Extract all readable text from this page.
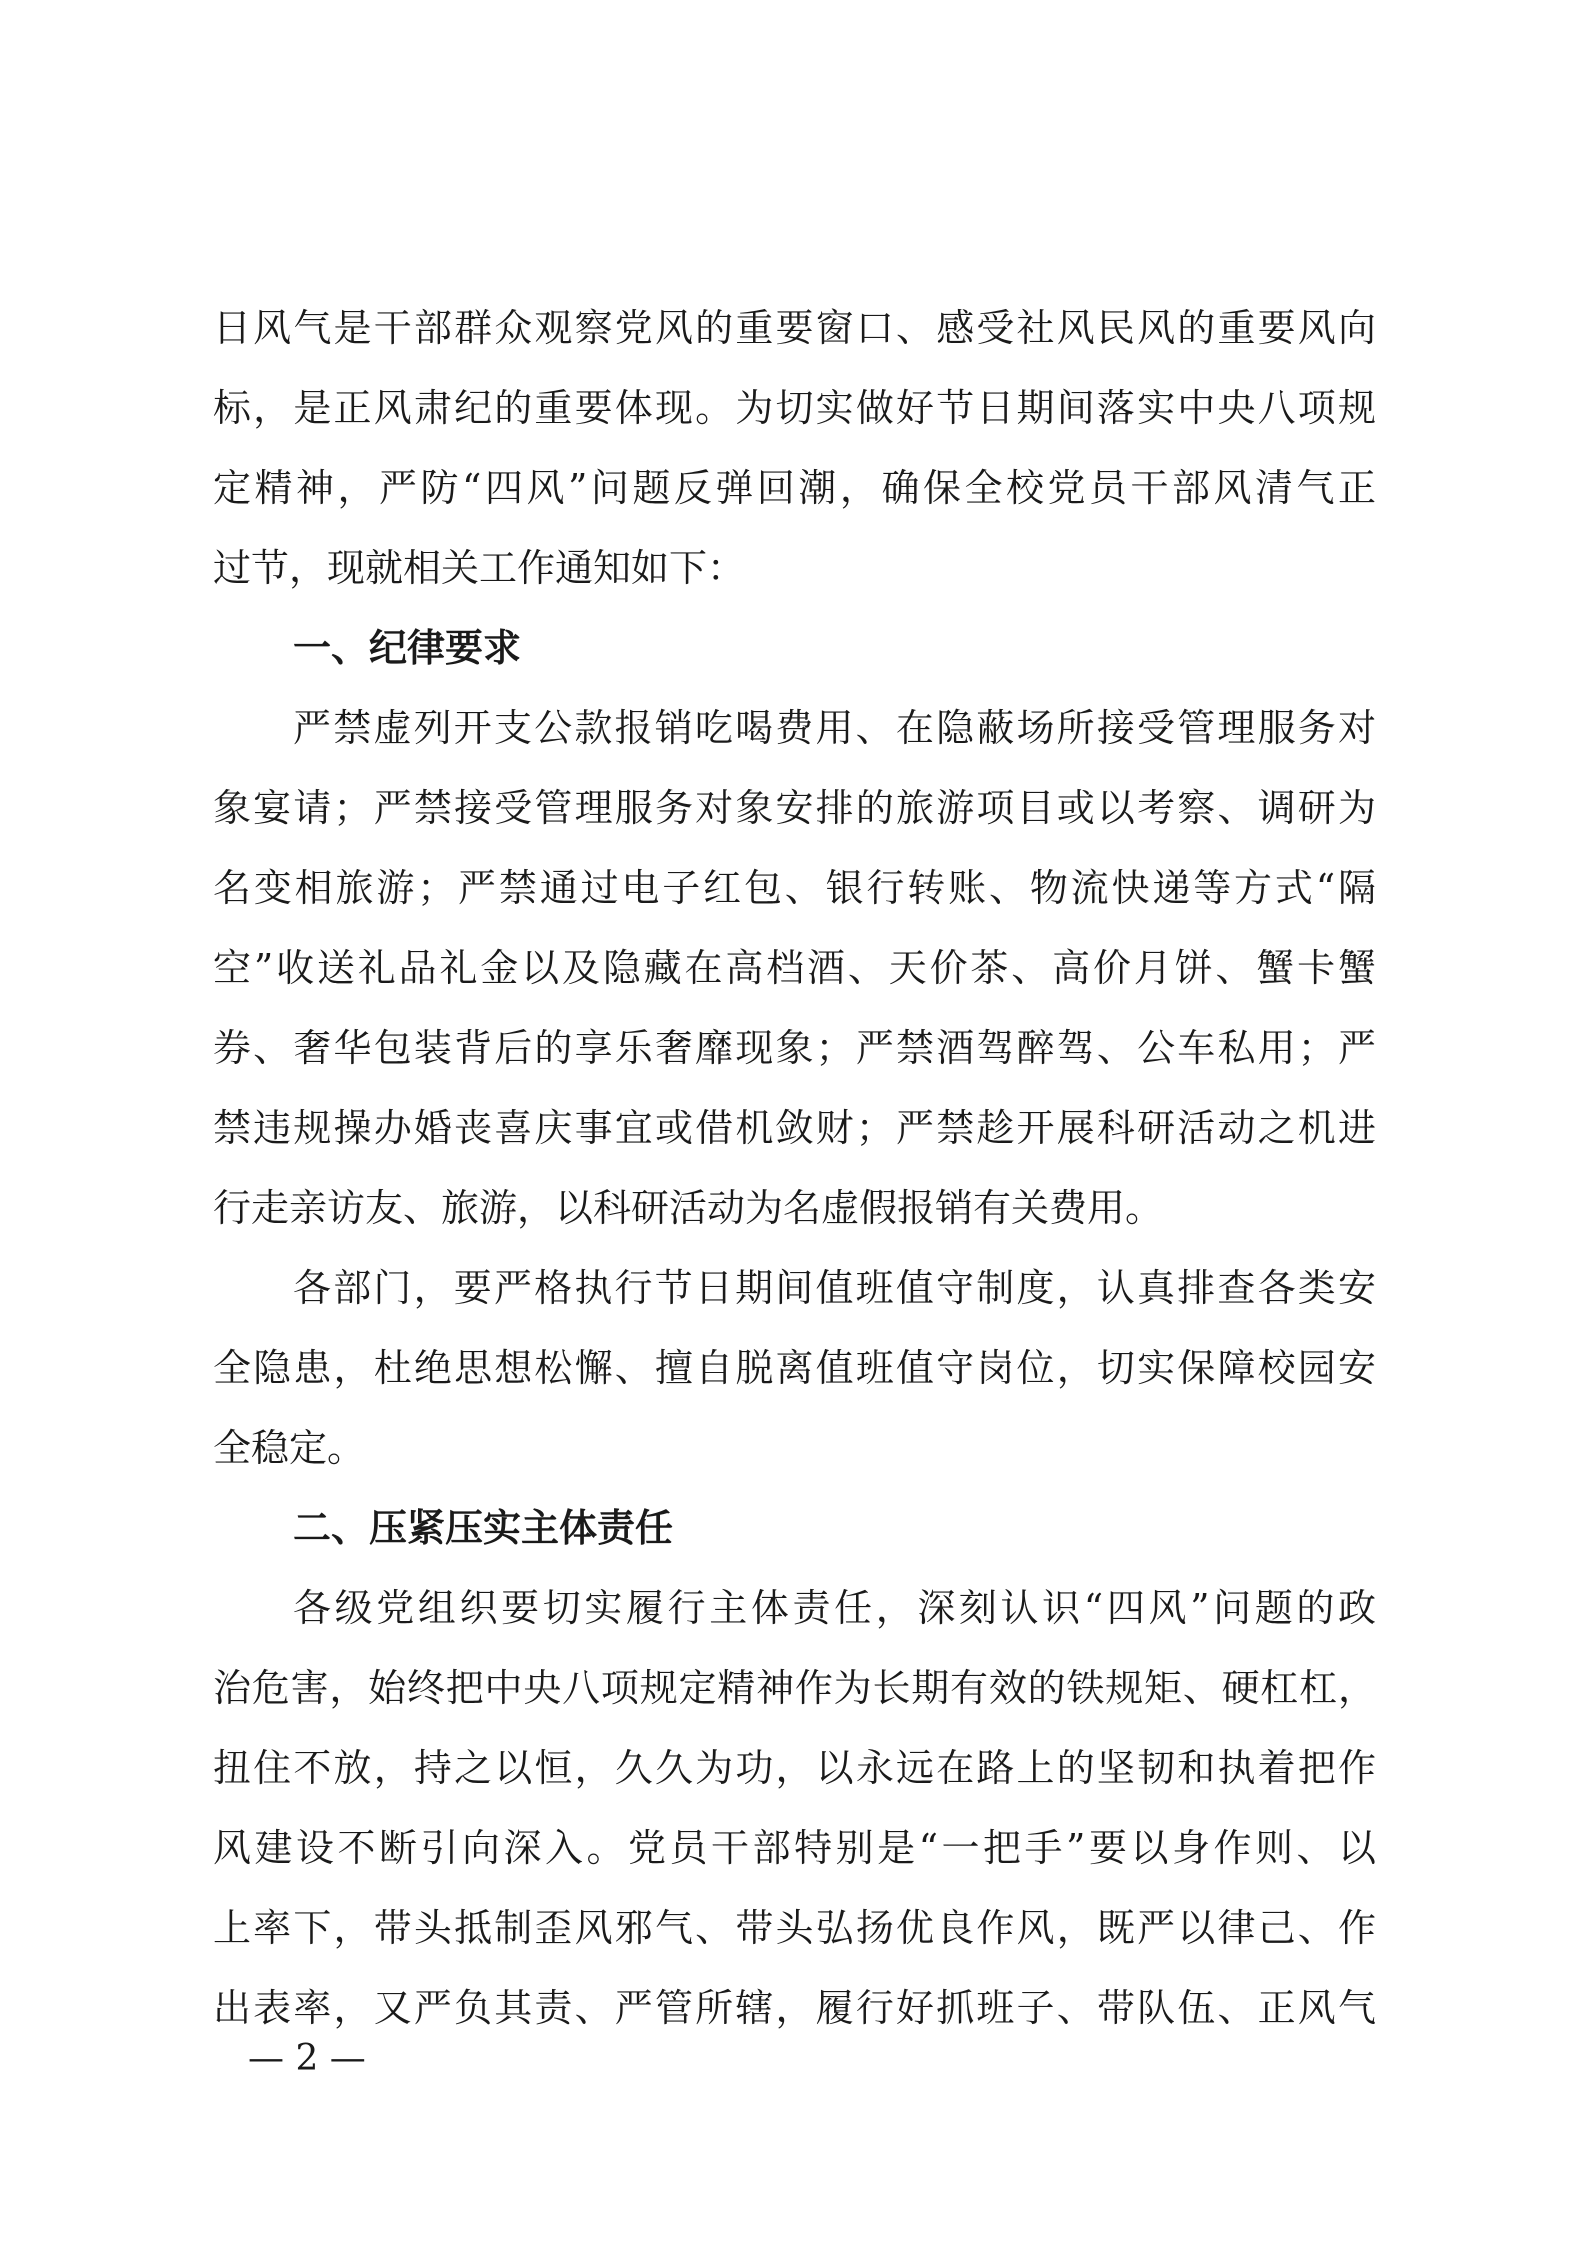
日风气是干部群众观察党风的重要窗口、感受社风民风的重要风向
标，是正风肃纪的重要体现。为切实做好节日期间落实中央八项规
定精神，严防“四风”问题反弹回潮，确保全校党员干部风清气正
过节，现就相关工作通知如下：
一、纪律要求
严禁虚列开支公款报销吃喝费用、在隐蔽场所接受管理服务对
象宴请；严禁接受管理服务对象安排的旅游项目或以考察、调研为
名变相旅游；严禁通过电子红包、银行转账、物流快递等方式“隔
空”收送礼品礼金以及隐藏在高档酒、天价茶、高价月饼、蟹卡蟹
券、奢华包装背后的享乐奢靡现象；严禁酒驾醉驾、公车私用；严
禁违规操办婚丧喜庆事宜或借机敛财；严禁趁开展科研活动之机进
行走亲访友、旅游，以科研活动为名虚假报销有关费用。
各部门，要严格执行节日期间值班值守制度，认真排查各类安
全隐患，杜绝思想松懈、擅自脱离值班值守岗位，切实保障校园安
全稳定。
二、压紧压实主体责任
各级党组织要切实履行主体责任，深刻认识“四风”问题的政
治危害，始终把中央八项规定精神作为长期有效的铁规矩、硬杠杠，
扭住不放，持之以恒，久久为功，以永远在路上的坚韧和执着把作
风建设不断引向深入。党员干部特别是“一把手”要以身作则、以
上率下，带头抵制歪风邪气、带头弘扬优良作风，既严以律己、作
出表率，又严负其责、严管所辖，履行好抓班子、带队伍、正风气
— 2 —
